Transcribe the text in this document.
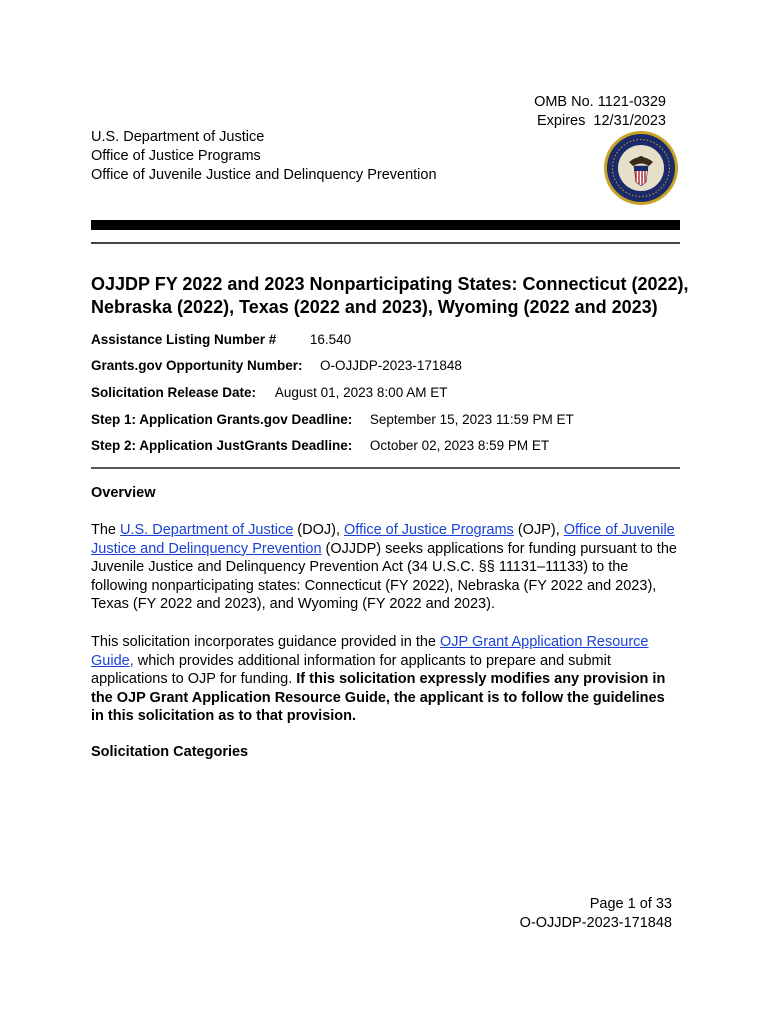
OMB No. 1121-0329
Expires  12/31/2023
U.S. Department of Justice
Office of Justice Programs
Office of Juvenile Justice and Delinquency Prevention
OJJDP FY 2022 and 2023 Nonparticipating States: Connecticut (2022),
Nebraska (2022), Texas (2022 and 2023), Wyoming (2022 and 2023)
Assistance Listing Number # 16.540
Grants.gov Opportunity Number: O-OJJDP-2023-171848
Solicitation Release Date: August 01, 2023 8:00 AM ET
Step 1: Application Grants.gov Deadline: September 15, 2023 11:59 PM ET
Step 2: Application JustGrants Deadline: October 02, 2023 8:59 PM ET
Overview
The U.S. Department of Justice (DOJ), Office of Justice Programs (OJP), Office of Juvenile Justice and Delinquency Prevention (OJJDP) seeks applications for funding pursuant to the Juvenile Justice and Delinquency Prevention Act (34 U.S.C. §§ 11131–11133) to the following nonparticipating states: Connecticut (FY 2022), Nebraska (FY 2022 and 2023), Texas (FY 2022 and 2023), and Wyoming (FY 2022 and 2023).
This solicitation incorporates guidance provided in the OJP Grant Application Resource Guide, which provides additional information for applicants to prepare and submit applications to OJP for funding. If this solicitation expressly modifies any provision in the OJP Grant Application Resource Guide, the applicant is to follow the guidelines in this solicitation as to that provision.
Solicitation Categories
Page 1 of 33
O-OJJDP-2023-171848
